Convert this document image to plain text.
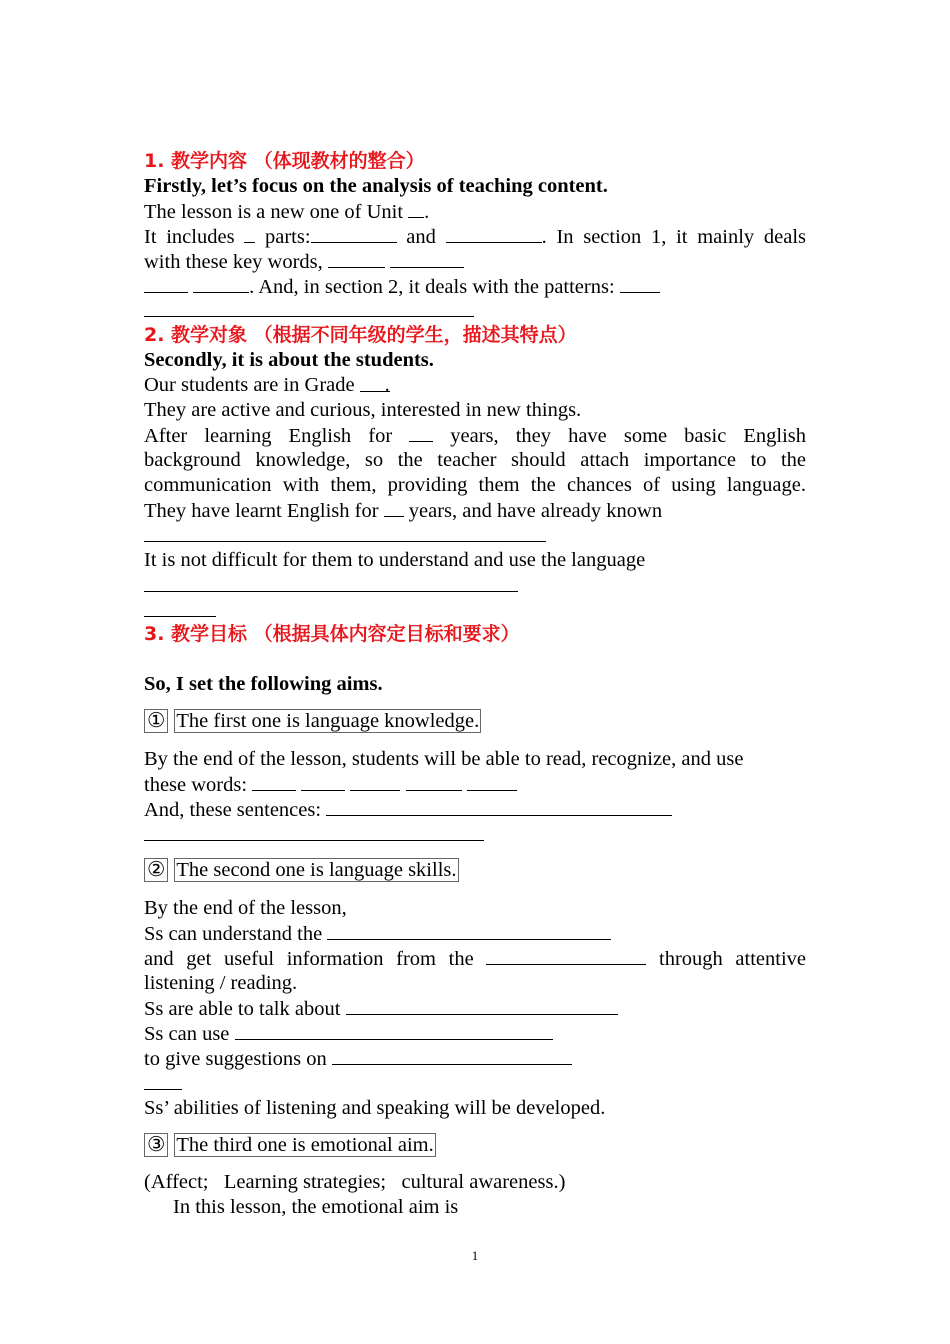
1. 教学内容 （体现教材的整合）
Firstly, let’s focus on the analysis of teaching content.
The lesson is a new one of Unit .
It includes  parts:	and	. In section 1, it mainly deals
with these key words,
. And, in section 2, it deals with the patterns:
2. 教学对象 （根据不同年级的学生，描述其特点）
Secondly, it is about the students.
Our students are in Grade .
They are active and curious, interested in new things.
After learning English for  years, they have some basic English
background knowledge, so the teacher should attach importance to the
communication with them, providing them the chances of using language.
They have learnt English for  years, and have already known
It is not difficult for them to understand and use the language
3. 教学目标 （根据具体内容定目标和要求）
So, I set the following aims.
① The first one is language knowledge.
By the end of the lesson, students will be able to read, recognize, and use
these words:
And, these sentences:
② The second one is language skills.
By the end of the lesson,
Ss can understand the
and get useful information from the	through attentive
listening / reading.
Ss are able to talk about
Ss can use
to give suggestions on
Ss’ abilities of listening and speaking will be developed.
③ The third one is emotional aim.
(Affect;   Learning strategies;   cultural awareness.)
In this lesson, the emotional aim is
1
